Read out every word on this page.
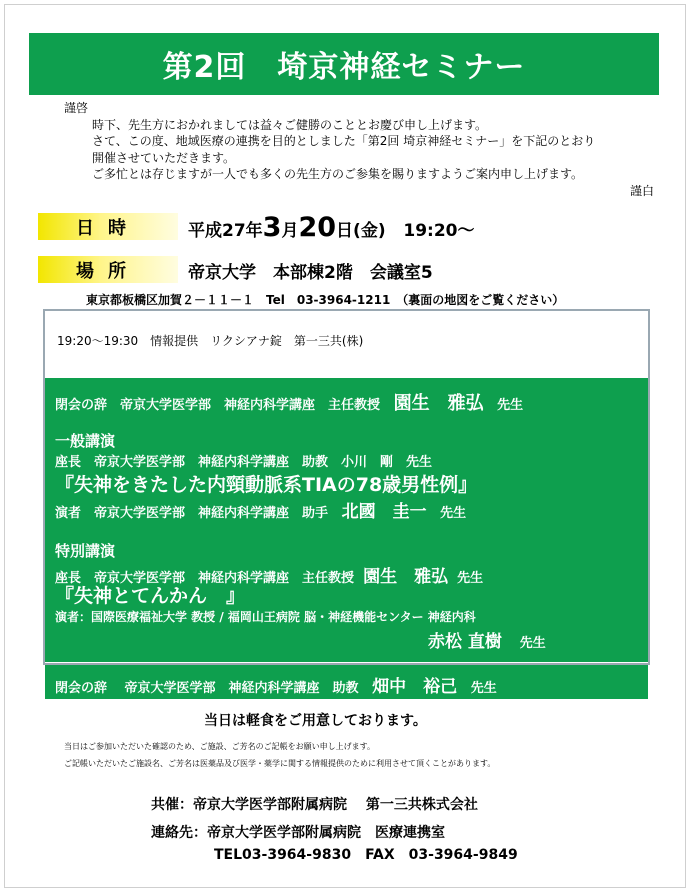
第2回　埼京神経セミナー

謹啓

時下、先生方におかれましては益々ご健勝のこととお慶び申し上げます。

さて、この度、地域医療の連携を目的としました「第2回 埼京神経セミナー」を下記のとおり

開催させていただきます。

ご多忙とは存じますが一人でも多くの先生方のご参集を賜りますようご案内申し上げます。

謹白

日時	平成27年3月20日(金) 19:20～
場所	帝京大学　本部棟2階　会議室5
東京都板橋区加賀２－１１－１　Tel　03-3964-1211　（裏面の地図をご覧ください）
19:20～19:30　情報提供　リクシアナ錠　第一三共(株)
閉会の辞　帝京大学医学部　神経内科学講座　主任教授 園生　雅弘 先生
一般講演
座長　帝京大学医学部　神経内科学講座　助教　小川　剛　先生
『失神をきたした内頸動脈系TIAの78歳男性例』
演者　帝京大学医学部　神経内科学講座　助手 北國　圭一 先生
特別講演
座長　帝京大学医学部　神経内科学講座　主任教授 園生　雅弘 先生
『失神とてんかん　』
演者：国際医療福祉大学 教授 / 福岡山王病院 脳・神経機能センター 神経内科
赤松 直樹 先生
閉会の辞　 帝京大学医学部　神経内科学講座　助教 畑中　裕己 先生
当日は軽食をご用意しております。
当日はご参加いただいた確認のため、ご施設、ご芳名のご記帳をお願い申し上げます。
ご記帳いただいたご施設名、ご芳名は医薬品及び医学・薬学に関する情報提供のために利用させて頂くことがあります。
共催：帝京大学医学部附属病院　 第一三共株式会社
連絡先：帝京大学医学部附属病院　医療連携室
TEL03-3964-9830　FAX　03-3964-9849
